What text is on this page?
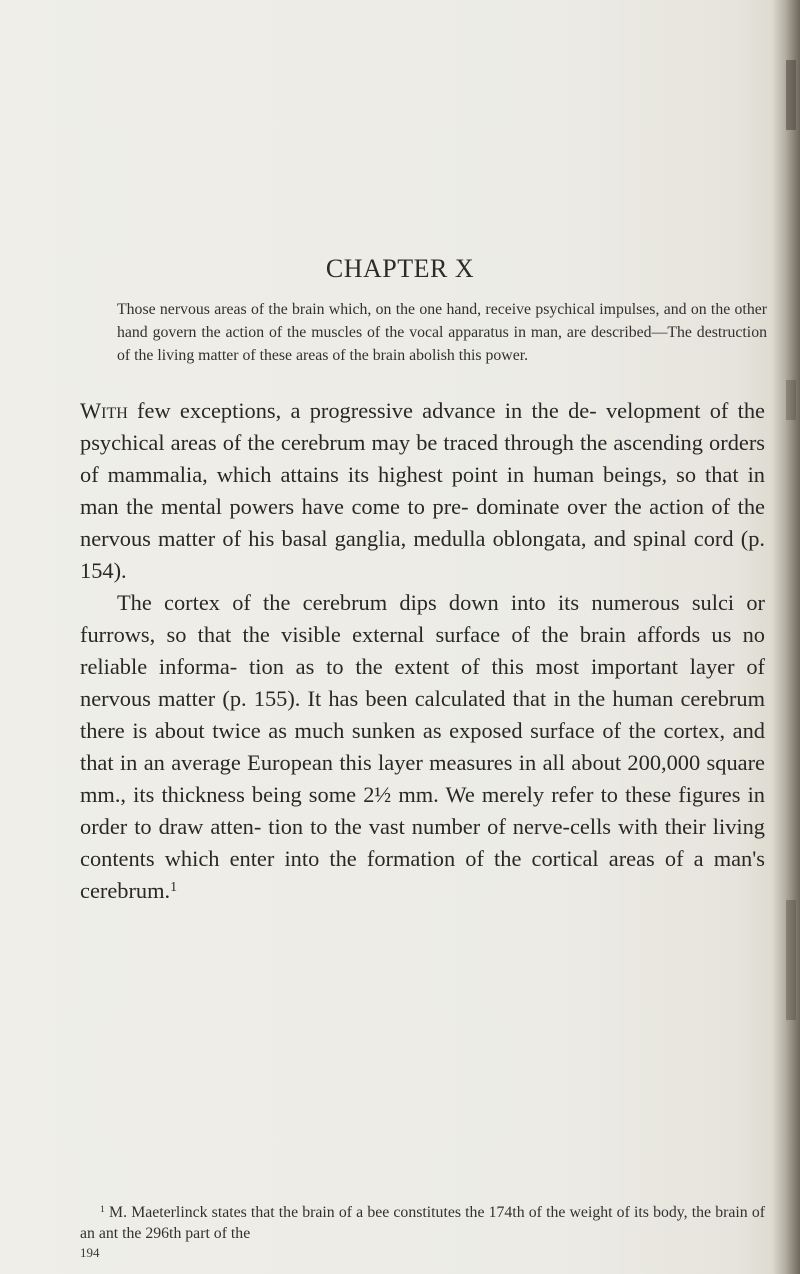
CHAPTER X
Those nervous areas of the brain which, on the one hand, receive psychical impulses, and on the other hand govern the action of the muscles of the vocal apparatus in man, are described—The destruction of the living matter of these areas of the brain abolish this power.

With few exceptions, a progressive advance in the de- velopment of the psychical areas of the cerebrum may be traced through the ascending orders of mammalia, which attains its highest point in human beings, so that in man the mental powers have come to pre- dominate over the action of the nervous matter of his basal ganglia, medulla oblongata, and spinal cord (p. 154).

The cortex of the cerebrum dips down into its numerous sulci or furrows, so that the visible external surface of the brain affords us no reliable informa- tion as to the extent of this most important layer of nervous matter (p. 155). It has been calculated that in the human cerebrum there is about twice as much sunken as exposed surface of the cortex, and that in an average European this layer measures in all about 200,000 square mm., its thickness being some 2½ mm. We merely refer to these figures in order to draw atten- tion to the vast number of nerve-cells with their living contents which enter into the formation of the cortical areas of a man's cerebrum.$^1$

$^1$ M. Maeterlinck states that the brain of a bee constitutes the 174th of the weight of its body, the brain of an ant the 296th part of the
194
